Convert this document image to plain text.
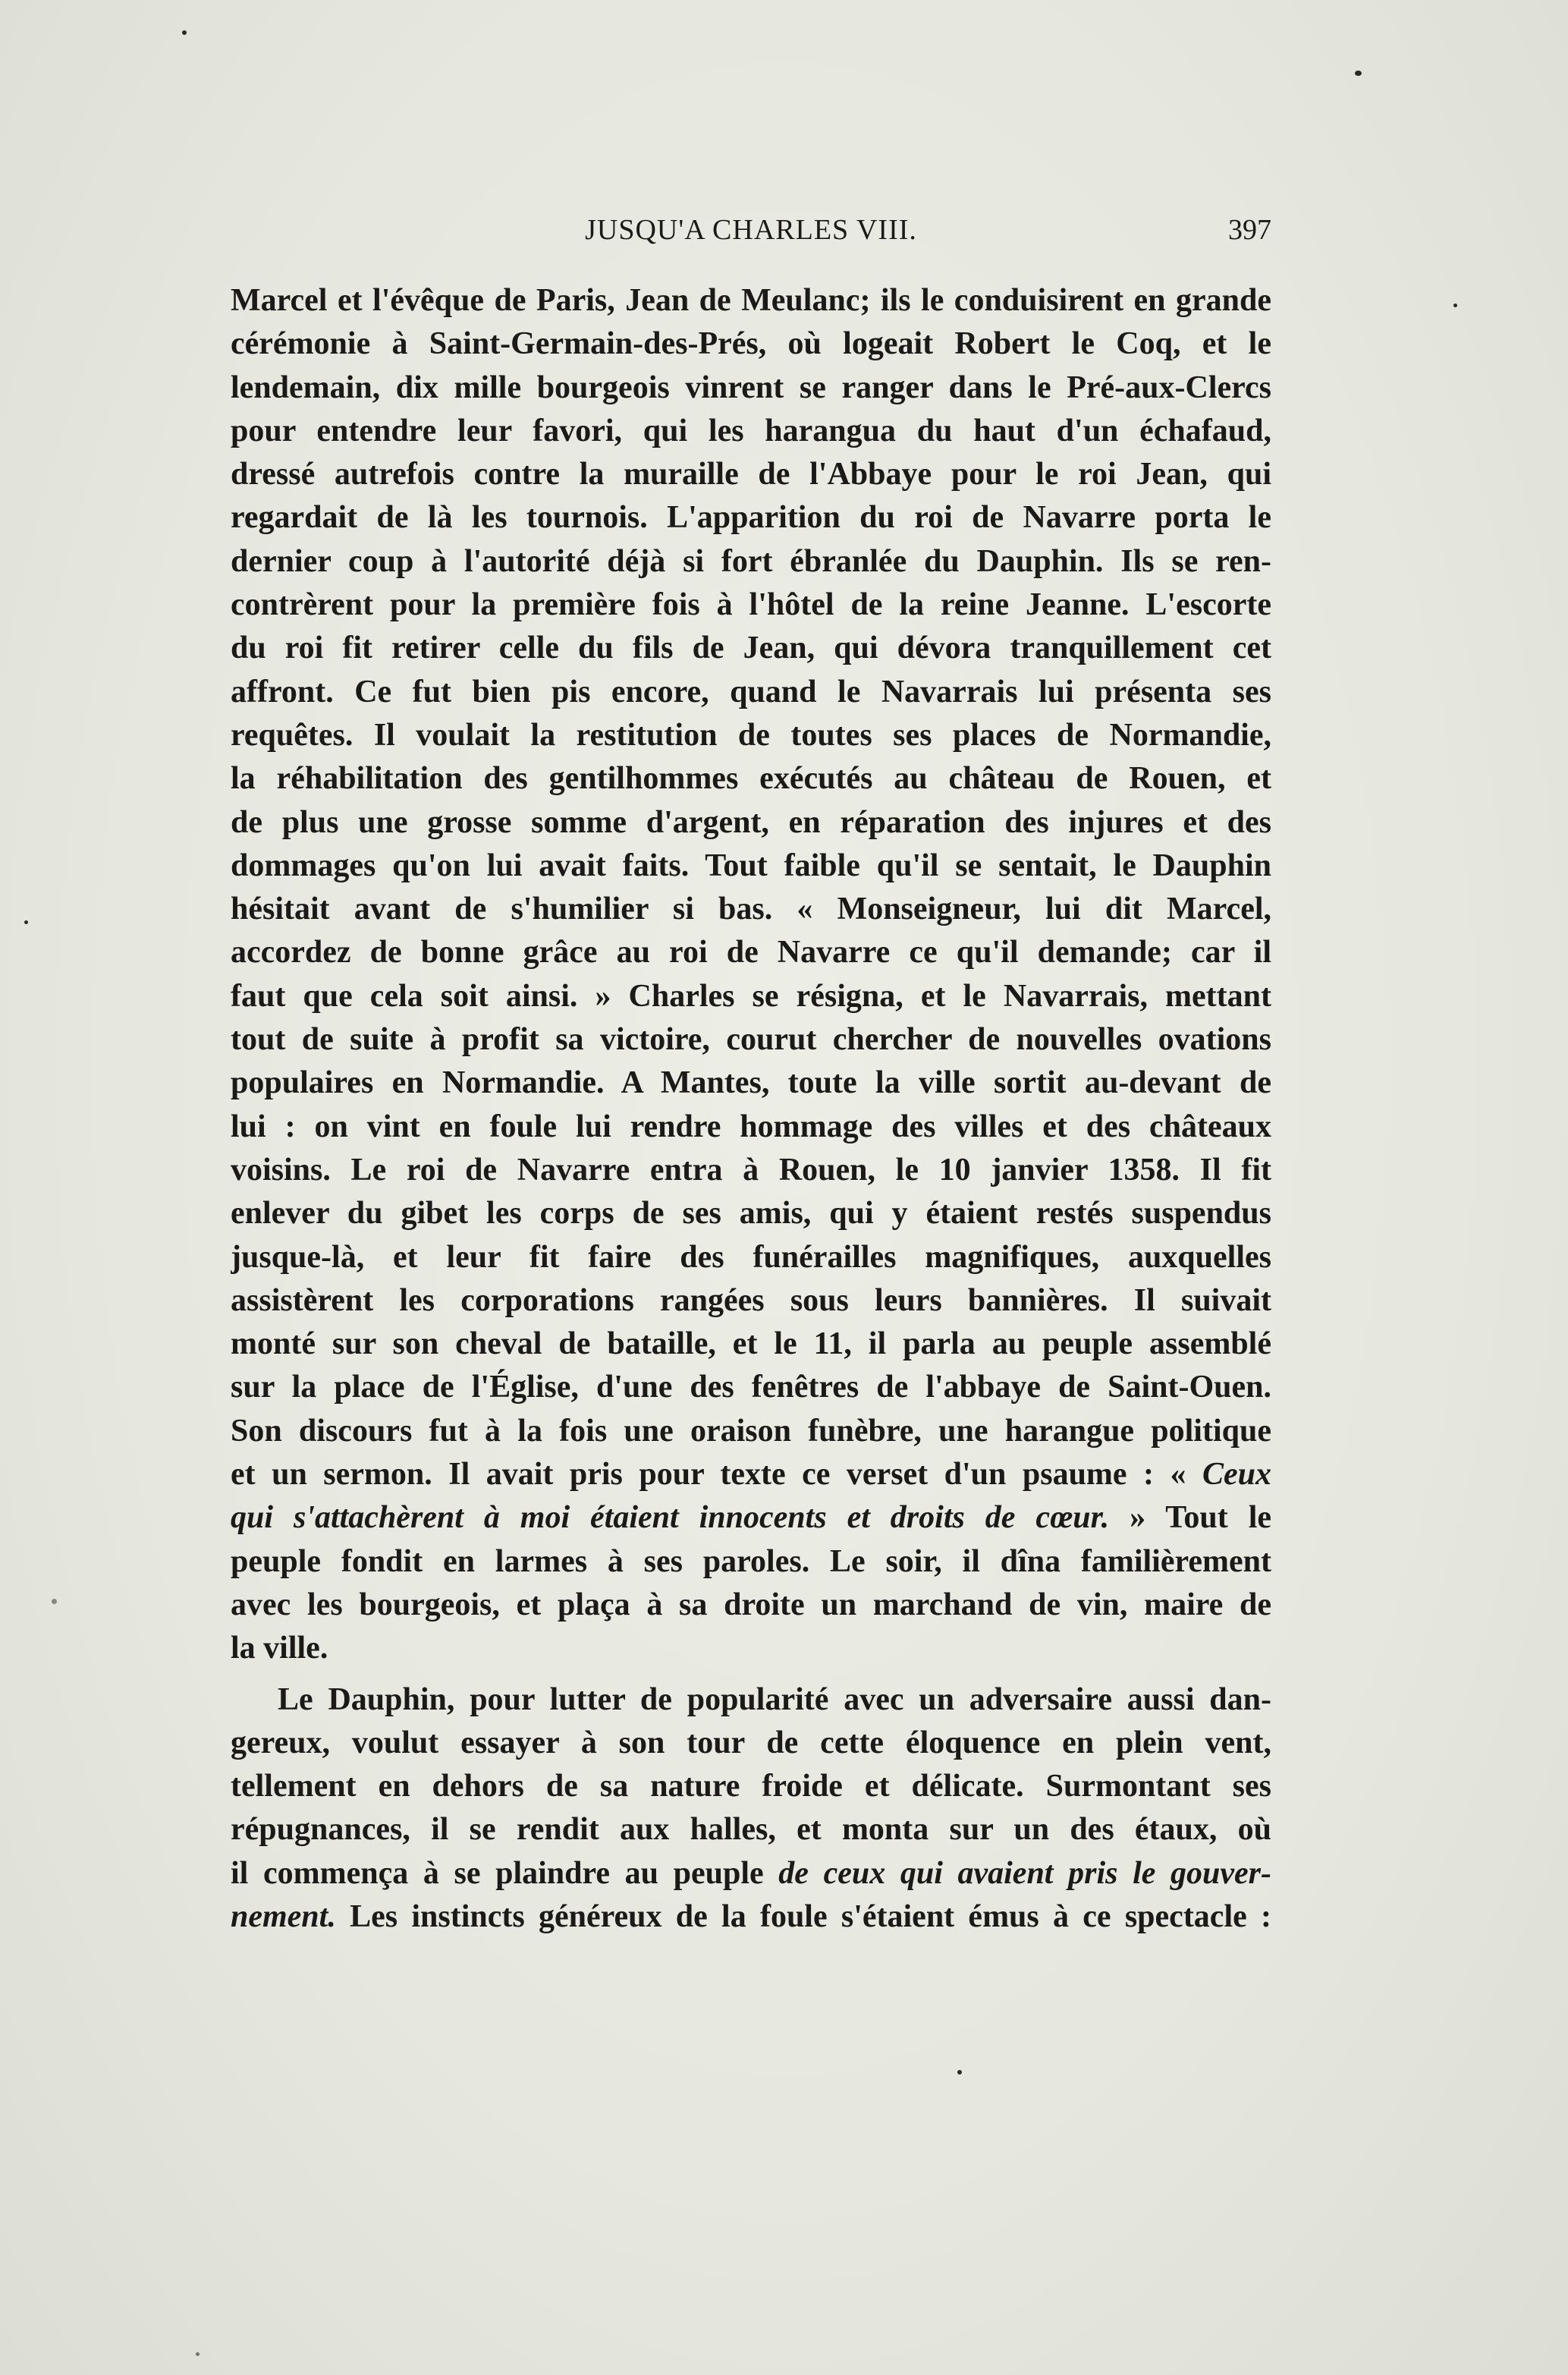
JUSQU'A CHARLES VIII.	397
Marcel et l'évêque de Paris, Jean de Meulanc; ils le conduisirent en grande
cérémonie à Saint-Germain-des-Prés, où logeait Robert le Coq, et le
lendemain, dix mille bourgeois vinrent se ranger dans le Pré-aux-Clercs
pour entendre leur favori, qui les harangua du haut d'un échafaud,
dressé autrefois contre la muraille de l'Abbaye pour le roi Jean, qui
regardait de là les tournois. L'apparition du roi de Navarre porta le
dernier coup à l'autorité déjà si fort ébranlée du Dauphin. Ils se ren-
contrèrent pour la première fois à l'hôtel de la reine Jeanne. L'escorte
du roi fit retirer celle du fils de Jean, qui dévora tranquillement cet
affront. Ce fut bien pis encore, quand le Navarrais lui présenta ses
requêtes. Il voulait la restitution de toutes ses places de Normandie,
la réhabilitation des gentilhommes exécutés au château de Rouen, et
de plus une grosse somme d'argent, en réparation des injures et des
dommages qu'on lui avait faits. Tout faible qu'il se sentait, le Dauphin
hésitait avant de s'humilier si bas. « Monseigneur, lui dit Marcel,
accordez de bonne grâce au roi de Navarre ce qu'il demande; car il
faut que cela soit ainsi. » Charles se résigna, et le Navarrais, mettant
tout de suite à profit sa victoire, courut chercher de nouvelles ovations
populaires en Normandie. A Mantes, toute la ville sortit au-devant de
lui : on vint en foule lui rendre hommage des villes et des châteaux
voisins. Le roi de Navarre entra à Rouen, le 10 janvier 1358. Il fit
enlever du gibet les corps de ses amis, qui y étaient restés suspendus
jusque-là, et leur fit faire des funérailles magnifiques, auxquelles
assistèrent les corporations rangées sous leurs bannières. Il suivait
monté sur son cheval de bataille, et le 11, il parla au peuple assemblé
sur la place de l'Église, d'une des fenêtres de l'abbaye de Saint-Ouen.
Son discours fut à la fois une oraison funèbre, une harangue politique
et un sermon. Il avait pris pour texte ce verset d'un psaume : « Ceux
qui s'attachèrent à moi étaient innocents et droits de cœur. » Tout le
peuple fondit en larmes à ses paroles. Le soir, il dîna familièrement
avec les bourgeois, et plaça à sa droite un marchand de vin, maire de
la ville.
Le Dauphin, pour lutter de popularité avec un adversaire aussi dan-
gereux, voulut essayer à son tour de cette éloquence en plein vent,
tellement en dehors de sa nature froide et délicate. Surmontant ses
répugnances, il se rendit aux halles, et monta sur un des étaux, où
il commença à se plaindre au peuple de ceux qui avaient pris le gouver-
nement. Les instincts généreux de la foule s'étaient émus à ce spectacle :
